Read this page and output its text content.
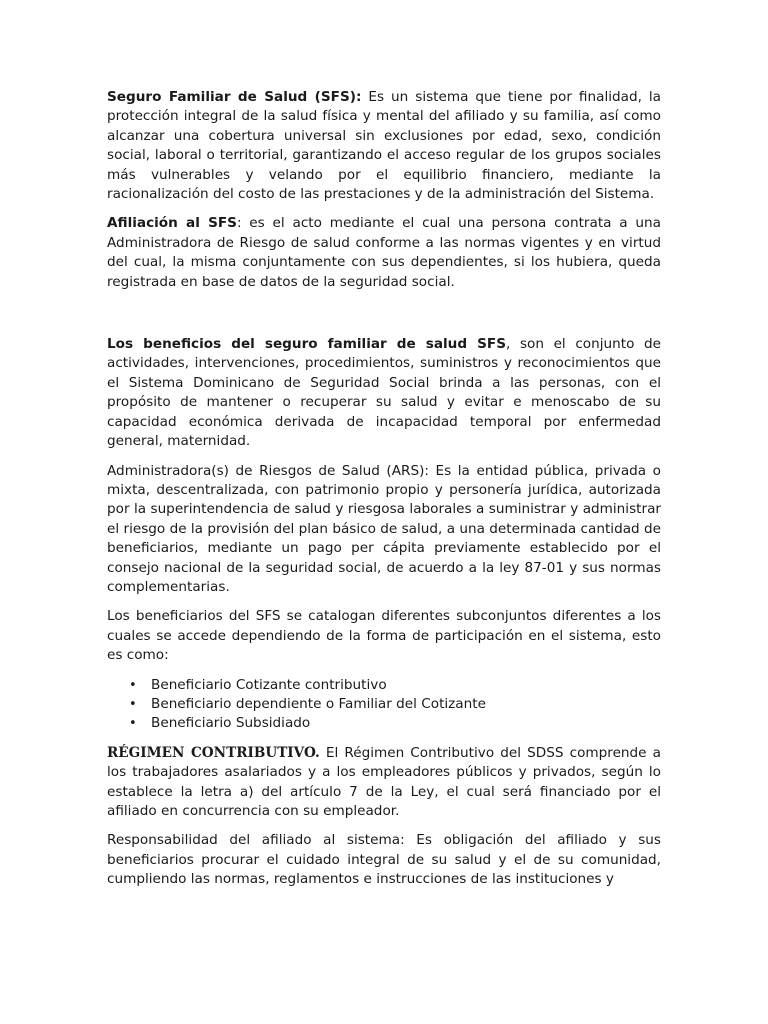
Seguro Familiar de Salud (SFS): Es un sistema que tiene por finalidad, la protección integral de la salud física y mental del afiliado y su familia, así como alcanzar una cobertura universal sin exclusiones por edad, sexo, condición social, laboral o territorial, garantizando el acceso regular de los grupos sociales más vulnerables y velando por el equilibrio financiero, mediante la racionalización del costo de las prestaciones y de la administración del Sistema.

Afiliación al SFS: es el acto mediante el cual una persona contrata a una Administradora de Riesgo de salud conforme a las normas vigentes y en virtud del cual, la misma conjuntamente con sus dependientes, si los hubiera, queda registrada en base de datos de la seguridad social.

Los beneficios del seguro familiar de salud SFS, son el conjunto de actividades, intervenciones, procedimientos, suministros y reconocimientos que el Sistema Dominicano de Seguridad Social brinda a las personas, con el propósito de mantener o recuperar su salud y evitar e menoscabo de su capacidad económica derivada de incapacidad temporal por enfermedad general, maternidad.

Administradora(s) de Riesgos de Salud (ARS): Es la entidad pública, privada o mixta, descentralizada, con patrimonio propio y personería jurídica, autorizada por la superintendencia de salud y riesgosa laborales a suministrar y administrar el riesgo de la provisión del plan básico de salud, a una determinada cantidad de beneficiarios, mediante un pago per cápita previamente establecido por el consejo nacional de la seguridad social, de acuerdo a la ley 87-01 y sus normas complementarias.

Los beneficiarios del SFS se catalogan diferentes subconjuntos diferentes a los cuales se accede dependiendo de la forma de participación en el sistema, esto es como:

• Beneficiario Cotizante contributivo
• Beneficiario dependiente o Familiar del Cotizante
• Beneficiario Subsidiado

RÉGIMEN CONTRIBUTIVO. El Régimen Contributivo del SDSS comprende a los trabajadores asalariados y a los empleadores públicos y privados, según lo establece la letra a) del artículo 7 de la Ley, el cual será financiado por el afiliado en concurrencia con su empleador.

Responsabilidad del afiliado al sistema: Es obligación del afiliado y sus beneficiarios procurar el cuidado integral de su salud y el de su comunidad, cumpliendo las normas, reglamentos e instrucciones de las instituciones y
